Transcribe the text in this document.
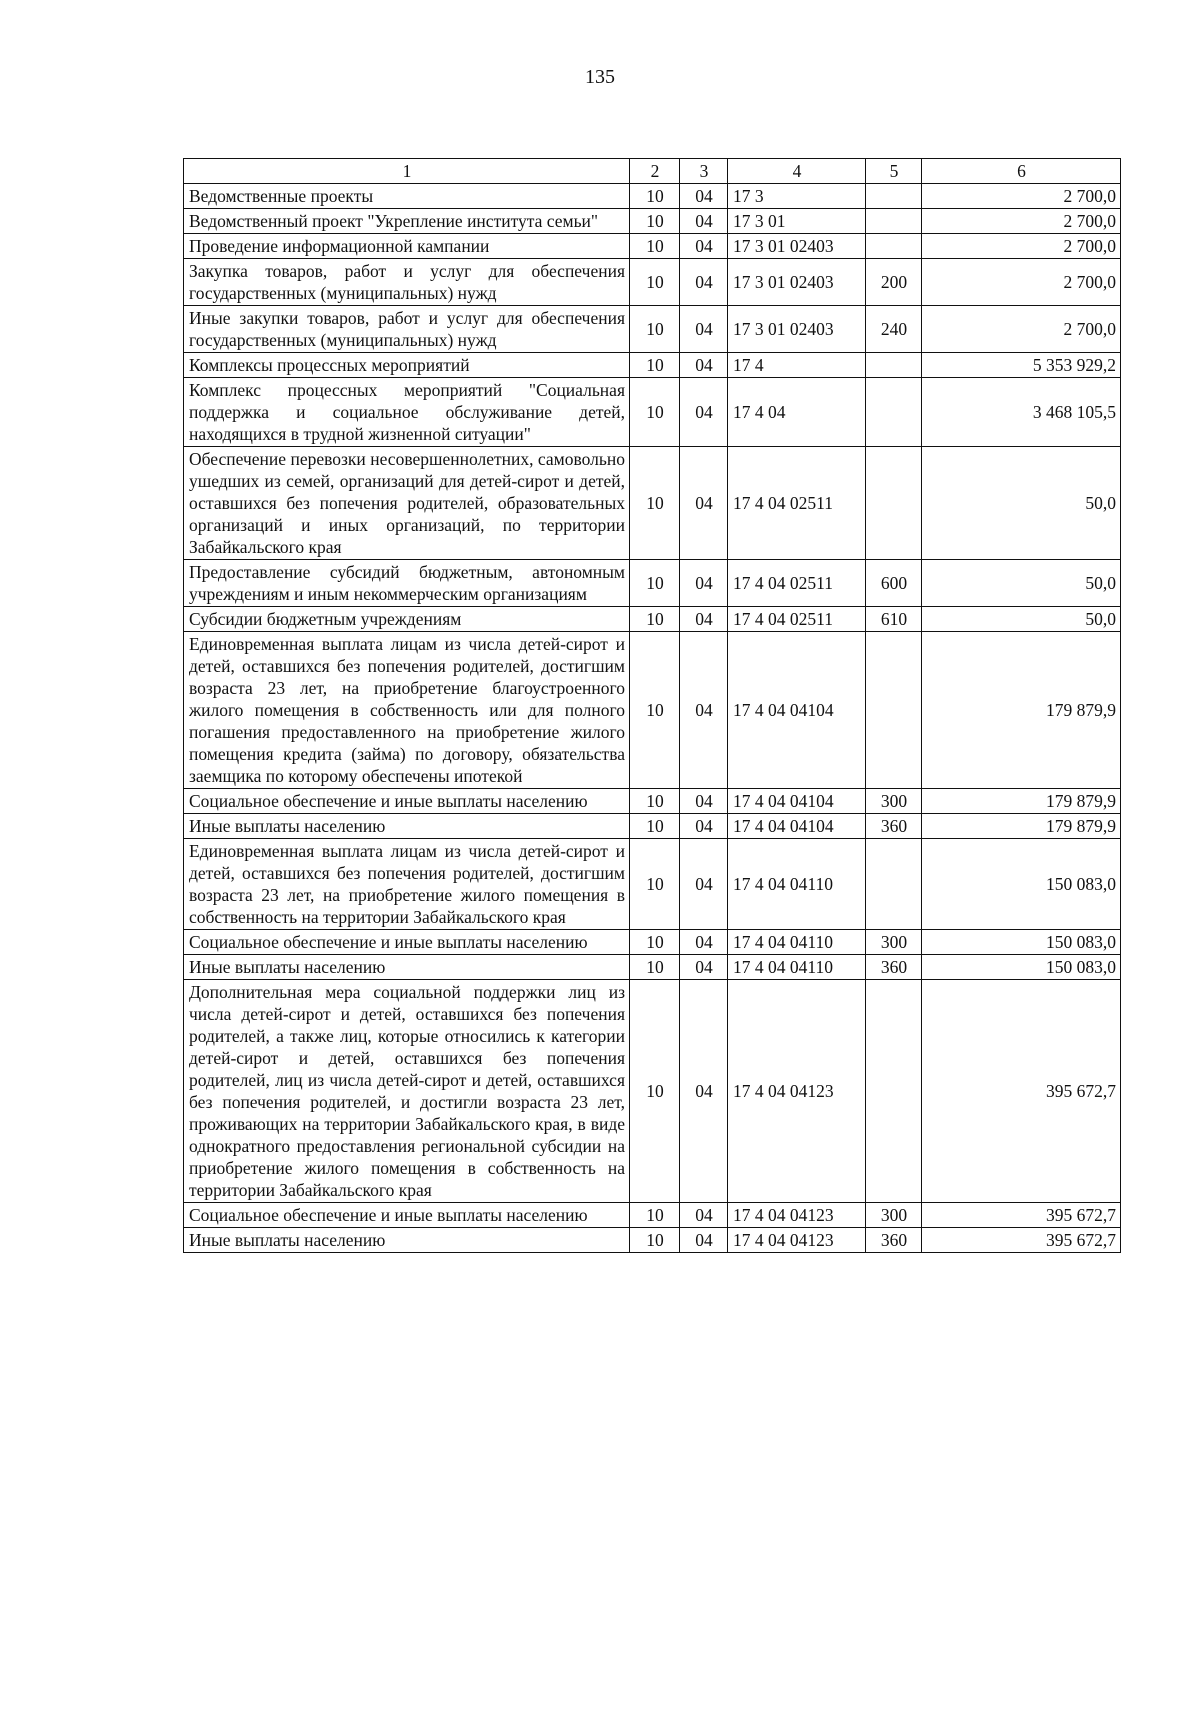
135
1	2	3	4	5	6
Ведомственные проекты	10	04	17 3		2 700,0
Ведомственный проект "Укрепление института семьи"	10	04	17 3 01		2 700,0
Проведение информационной кампании	10	04	17 3 01 02403		2 700,0
Закупка товаров, работ и услуг для обеспечения государственных (муниципальных) нужд	10	04	17 3 01 02403	200	2 700,0
Иные закупки товаров, работ и услуг для обеспечения государственных (муниципальных) нужд	10	04	17 3 01 02403	240	2 700,0
Комплексы процессных мероприятий	10	04	17 4		5 353 929,2
Комплекс процессных мероприятий "Социальная поддержка и социальное обслуживание детей, находящихся в трудной жизненной ситуации"	10	04	17 4 04		3 468 105,5
Обеспечение перевозки несовершеннолетних, самовольно ушедших из семей, организаций для детей-сирот и детей, оставшихся без попечения родителей, образовательных организаций и иных организаций, по территории Забайкальского края	10	04	17 4 04 02511		50,0
Предоставление субсидий бюджетным, автономным учреждениям и иным некоммерческим организациям	10	04	17 4 04 02511	600	50,0
Субсидии бюджетным учреждениям	10	04	17 4 04 02511	610	50,0
Единовременная выплата лицам из числа детей-сирот и детей, оставшихся без попечения родителей, достигшим возраста 23 лет, на приобретение благоустроенного жилого помещения в собственность или для полного погашения предоставленного на приобретение жилого помещения кредита (займа) по договору, обязательства заемщика по которому обеспечены ипотекой	10	04	17 4 04 04104		179 879,9
Социальное обеспечение и иные выплаты населению	10	04	17 4 04 04104	300	179 879,9
Иные выплаты населению	10	04	17 4 04 04104	360	179 879,9
Единовременная выплата лицам из числа детей-сирот и детей, оставшихся без попечения родителей, достигшим возраста 23 лет, на приобретение жилого помещения в собственность на территории Забайкальского края	10	04	17 4 04 04110		150 083,0
Социальное обеспечение и иные выплаты населению	10	04	17 4 04 04110	300	150 083,0
Иные выплаты населению	10	04	17 4 04 04110	360	150 083,0
Дополнительная мера социальной поддержки лиц из числа детей-сирот и детей, оставшихся без попечения родителей, а также лиц, которые относились к категории детей-сирот и детей, оставшихся без попечения родителей, лиц из числа детей-сирот и детей, оставшихся без попечения родителей, и достигли возраста 23 лет, проживающих на территории Забайкальского края, в виде однократного предоставления региональной субсидии на приобретение жилого помещения в собственность на территории Забайкальского края	10	04	17 4 04 04123		395 672,7
Социальное обеспечение и иные выплаты населению	10	04	17 4 04 04123	300	395 672,7
Иные выплаты населению	10	04	17 4 04 04123	360	395 672,7
